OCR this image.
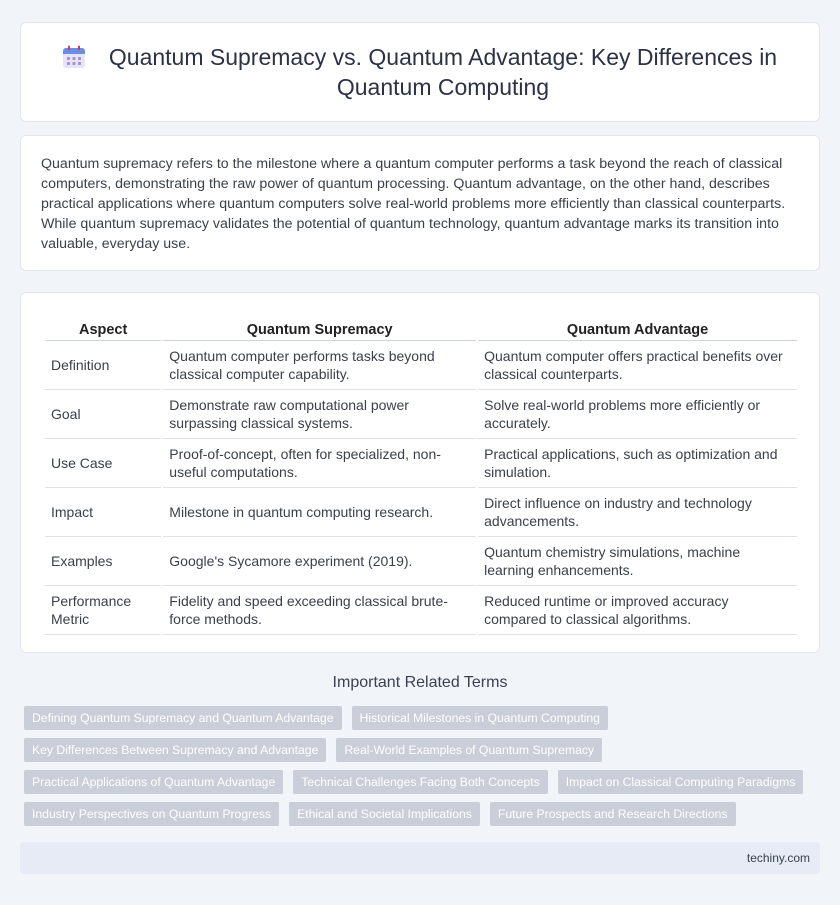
Quantum Supremacy vs. Quantum Advantage: Key Differences in Quantum Computing

Quantum supremacy refers to the milestone where a quantum computer performs a task beyond the reach of classical computers, demonstrating the raw power of quantum processing. Quantum advantage, on the other hand, describes practical applications where quantum computers solve real-world problems more efficiently than classical counterparts. While quantum supremacy validates the potential of quantum technology, quantum advantage marks its transition into valuable, everyday use.

Aspect	Quantum Supremacy	Quantum Advantage
Definition	Quantum computer performs tasks beyond classical computer capability.	Quantum computer offers practical benefits over classical counterparts.
Goal	Demonstrate raw computational power surpassing classical systems.	Solve real-world problems more efficiently or accurately.
Use Case	Proof-of-concept, often for specialized, non-useful computations.	Practical applications, such as optimization and simulation.
Impact	Milestone in quantum computing research.	Direct influence on industry and technology advancements.
Examples	Google's Sycamore experiment (2019).	Quantum chemistry simulations, machine learning enhancements.
Performance Metric	Fidelity and speed exceeding classical brute-force methods.	Reduced runtime or improved accuracy compared to classical algorithms.
Important Related Terms
Defining Quantum Supremacy and Quantum Advantage	Historical Milestones in Quantum Computing
Key Differences Between Supremacy and Advantage	Real-World Examples of Quantum Supremacy
Practical Applications of Quantum Advantage	Technical Challenges Facing Both Concepts	Impact on Classical Computing Paradigms
Industry Perspectives on Quantum Progress	Ethical and Societal Implications	Future Prospects and Research Directions
techiny.com
